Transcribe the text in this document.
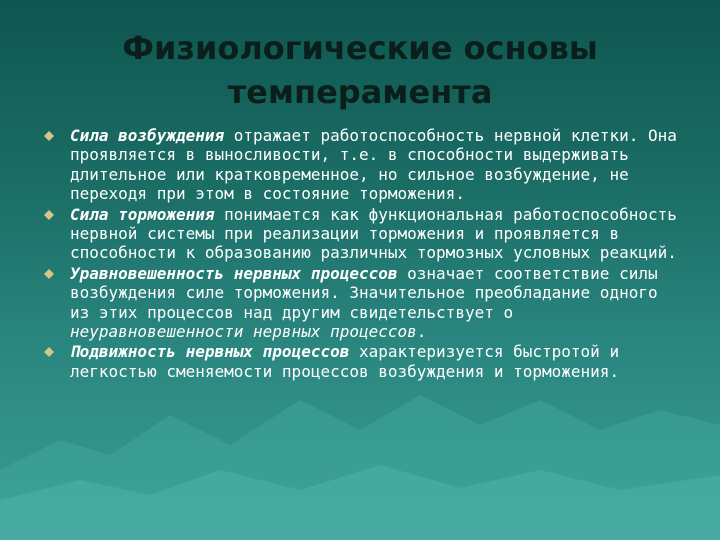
Физиологические основы
темперамента
Сила возбуждения отражает работоспособность нервной клетки. Она проявляется в выносливости, т.е. в способности выдерживать длительное или кратковременное, но сильное возбуждение, не переходя при этом в состояние торможения.
Сила торможения понимается как функциональная работоспособность нервной системы при реализации торможения и проявляется в способности к образованию различных тормозных условных реакций.
Уравновешенность нервных процессов означает соответствие силы возбуждения силе торможения. Значительное преобладание одного из этих процессов над другим свидетельствует о неуравновешенности нервных процессов.
Подвижность нервных процессов характеризуется быстротой и легкостью сменяемости процессов возбуждения и торможения.
